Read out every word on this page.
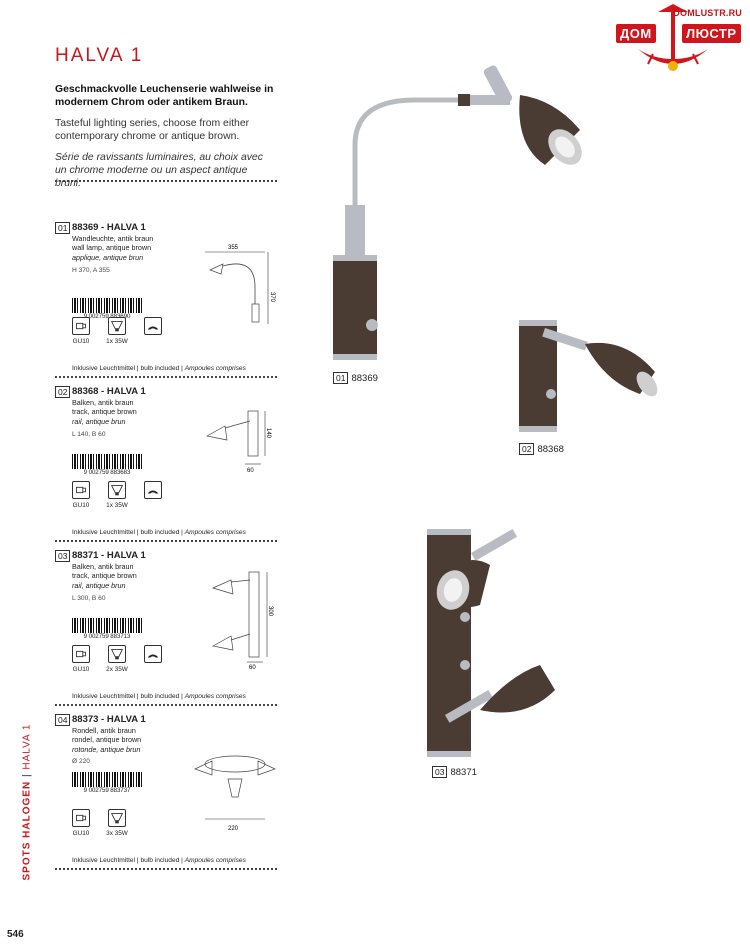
DOMLUSTR.RU
ДОМ	ЛЮСТР
HALVA 1

Geschmackvolle Leuchenserie wahlweise in modernem Chrom oder antikem Braun.

Tasteful lighting series, choose from either contemporary chrome or antique brown.

Série de ravissants luminaires, au choix avec un chrome moderne ou un aspect antique bruni.

01 88369 - HALVA 1
Wandleuchte, antik braun
wall lamp, antique brown
applique, antique brun
H 370, A 355
9 002759 883690
GU10	1x 35W
Inklusive Leuchtmittel | bulb included | Ampoules comprises
355
370
02 88368 - HALVA 1
Balken, antik braun
track, antique brown
rail, antique brun
L 140, B 60
9 002759 883683
GU10	1x 35W
Inklusive Leuchtmittel | bulb included | Ampoules comprises
140
60
03 88371 - HALVA 1
Balken, antik braun
track, antique brown
rail, antique brun
L 300, B 60
9 002759 883713
GU10	2x 35W
Inklusive Leuchtmittel | bulb included | Ampoules comprises
300
60
04 88373 - HALVA 1
Rondell, antik braun
rondel, antique brown
rotonde, antique brun
Ø 220
9 002759 883737
GU10	3x 35W
Inklusive Leuchtmittel | bulb included | Ampoules comprises
220
01 88369
02 88368
03 88371
SPOTS HALOGEN | HALVA 1
546
